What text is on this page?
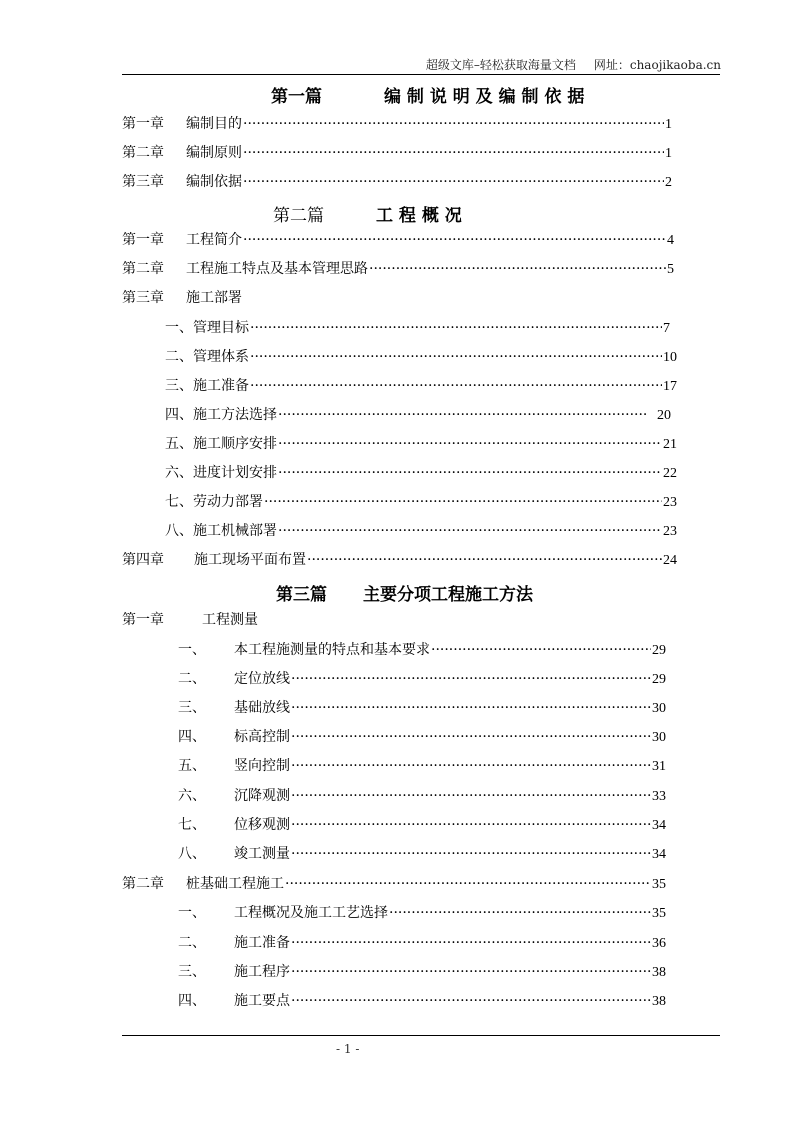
超级文库–轻松获取海量文档 网址：chaojikaoba.cn
第一篇	编 制 说 明 及 编 制 依 据
第一章	编制目的 ·····	1
第二章	编制原则 ·····	1
第三章	编制依据 ·····	2
第二篇	工 程 概 况
第一章	工程简介 ·····	4
第二章	工程施工特点及基本管理思路 ·····	5
第三章	施工部署
一、 管理目标 ·····	7
二、 管理体系 ·····	10
三、 施工准备 ·····	17
四、 施工方法选择 ·····	20
五、 施工顺序安排 ·····	21
六、 进度计划安排 ·····	22
七、 劳动力部署 ·····	23
八、 施工机械部署 ·····	23
第四章	施工现场平面布置 ·····	24
第三篇 主要分项工程施工方法
第一章	工程测量
一、	本工程施测量的特点和基本要求 ·····	29
二、	定位放线 ·····	29
三、	基础放线 ·····	30
四、	标高控制 ·····	30
五、	竖向控制 ·····	31
六、	沉降观测 ·····	33
七、	位移观测 ·····	34
八、	竣工测量 ·····	34
第二章	桩基础工程施工 ·····	35
一、	工程概况及施工工艺选择 ·····	35
二、	施工准备 ·····	36
三、	施工程序 ·····	38
四、	施工要点 ·····	38
- 1 -
